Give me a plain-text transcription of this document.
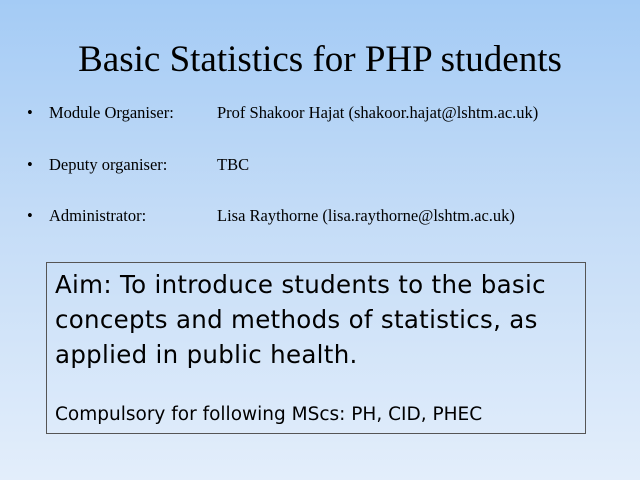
Basic Statistics for PHP students
• Module Organiser:	Prof Shakoor Hajat (shakoor.hajat@lshtm.ac.uk)
• Deputy organiser:	TBC
• Administrator:	Lisa Raythorne (lisa.raythorne@lshtm.ac.uk)

Aim: To introduce students to the basic concepts and methods of statistics, as applied in public health.

Compulsory for following MScs: PH, CID, PHEC
